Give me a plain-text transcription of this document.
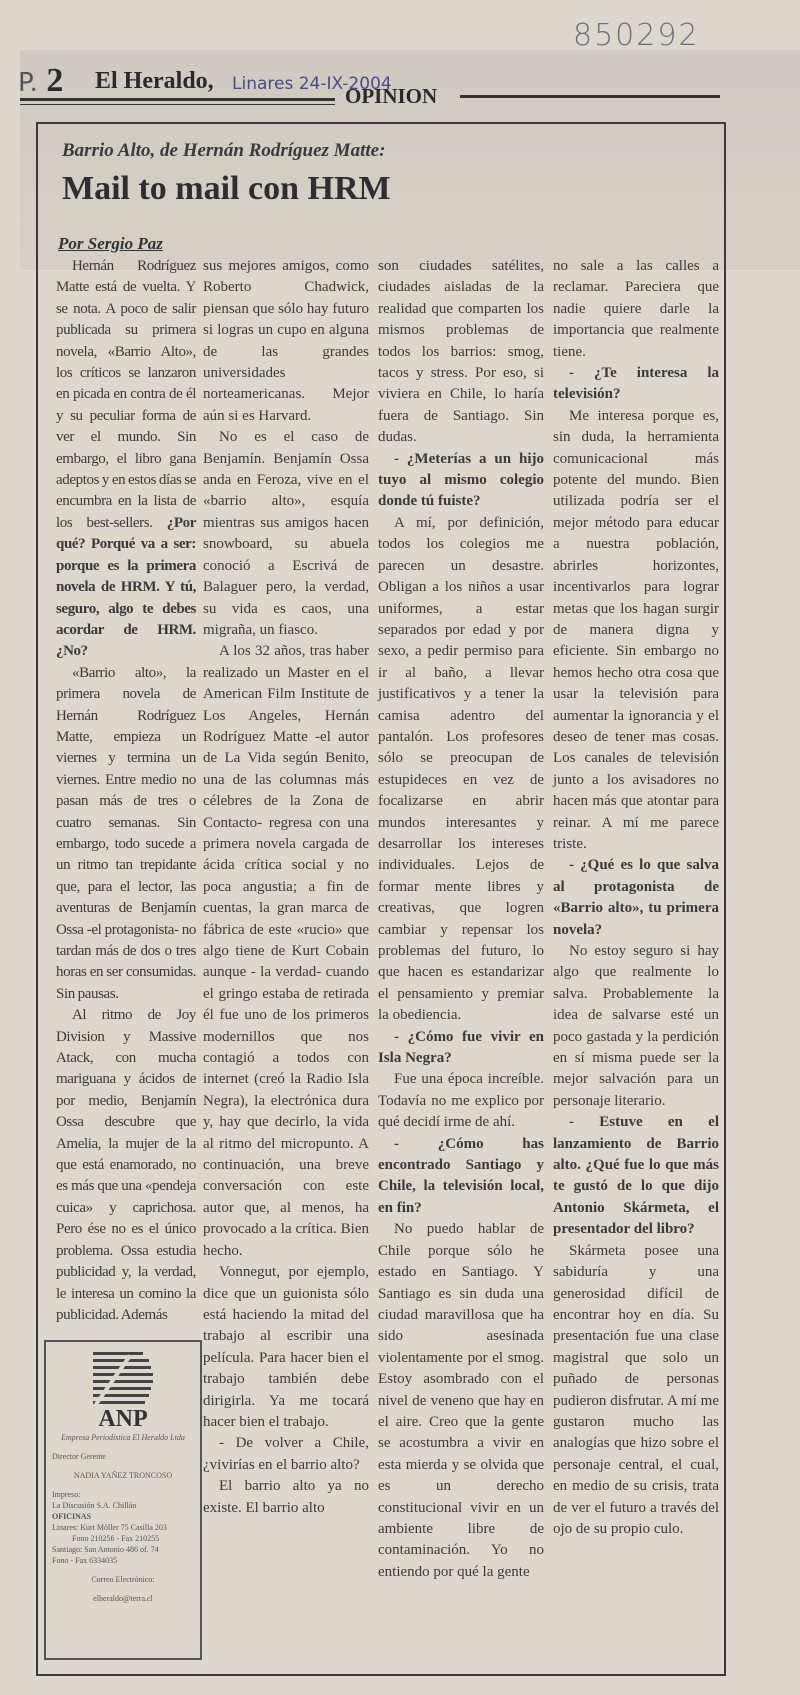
850292
P. 2 El Heraldo, Linares 24-IX-2004
OPINION
Barrio Alto, de Hernán Rodríguez Matte:
Mail to mail con HRM
Por Sergio Paz

Hernán Rodríguez Matte está de vuelta. Y se nota. A poco de salir publicada su primera novela, «Barrio Alto», los críticos se lanzaron en picada en contra de él y su peculiar forma de ver el mundo. Sin embargo, el libro gana adeptos y en estos días se encumbra en la lista de los best-sellers. ¿Por qué? Porqué va a ser: porque es la primera novela de HRM. Y tú, seguro, algo te debes acordar de HRM. ¿No?

«Barrio alto», la primera novela de Hernán Rodríguez Matte, empieza un viernes y termina un viernes. Entre medio no pasan más de tres o cuatro semanas. Sin embargo, todo sucede a un ritmo tan trepidante que, para el lector, las aventuras de Benjamín Ossa -el protagonista- no tardan más de dos o tres horas en ser consumidas. Sin pausas.

Al ritmo de Joy Division y Massive Atack, con mucha mariguana y ácidos de por medio, Benjamín Ossa descubre que Amelia, la mujer de la que está enamorado, no es más que una «pendeja cuica» y caprichosa. Pero ése no es el único problema. Ossa estudia publicidad y, la verdad, le interesa un comino la publicidad. Además

ANP
Empresa Periodística El Heraldo Ltda
Director Gerente
NADIA YAÑEZ TRONCOSO
Impreso:
La Discusión S.A. Chillán
OFICINAS
Linares: Kurt Möller 75 Casilla 203
Fono 210256 - Fax 210255
Santiago: San Antonio 486 of. 74
Fono - Fax 6334035
Correo Electrónico:
elheraldo@terra.cl

sus mejores amigos, como Roberto Chadwick, piensan que sólo hay futuro si logras un cupo en alguna de las grandes universidades norteamericanas. Mejor aún si es Harvard.

No es el caso de Benjamín. Benjamín Ossa anda en Feroza, vive en el «barrio alto», esquía mientras sus amigos hacen snowboard, su abuela conoció a Escrivá de Balaguer pero, la verdad, su vida es caos, una migraña, un fiasco.

A los 32 años, tras haber realizado un Master en el American Film Institute de Los Angeles, Hernán Rodríguez Matte -el autor de La Vida según Benito, una de las columnas más célebres de la Zona de Contacto- regresa con una primera novela cargada de ácida crítica social y no poca angustia; a fin de cuentas, la gran marca de fábrica de este «rucio» que algo tiene de Kurt Cobain aunque - la verdad- cuando el gringo estaba de retirada él fue uno de los primeros modernillos que nos contagió a todos con internet (creó la Radio Isla Negra), la electrónica dura y, hay que decirlo, la vida al ritmo del micropunto. A continuación, una breve conversación con este autor que, al menos, ha provocado a la crítica. Bien hecho.

Vonnegut, por ejemplo, dice que un guionista sólo está haciendo la mitad del trabajo al escribir una película. Para hacer bien el trabajo también debe dirigirla. Ya me tocará hacer bien el trabajo.

- De volver a Chile, ¿vivirías en el barrio alto?

El barrio alto ya no existe. El barrio alto

son ciudades satélites, ciudades aisladas de la realidad que comparten los mismos problemas de todos los barrios: smog, tacos y stress. Por eso, si viviera en Chile, lo haría fuera de Santiago. Sin dudas.

- ¿Meterías a un hijo tuyo al mismo colegio donde tú fuiste?

A mí, por definición, todos los colegios me parecen un desastre. Obligan a los niños a usar uniformes, a estar separados por edad y por sexo, a pedir permiso para ir al baño, a llevar justificativos y a tener la camisa adentro del pantalón. Los profesores sólo se preocupan de estupideces en vez de focalizarse en abrir mundos interesantes y desarrollar los intereses individuales. Lejos de formar mente libres y creativas, que logren cambiar y repensar los problemas del futuro, lo que hacen es estandarizar el pensamiento y premiar la obediencia.

- ¿Cómo fue vivir en Isla Negra?

Fue una época increíble. Todavía no me explico por qué decidí irme de ahí.

- ¿Cómo has encontrado Santiago y Chile, la televisión local, en fin?

No puedo hablar de Chile porque sólo he estado en Santiago. Y Santiago es sin duda una ciudad maravillosa que ha sido asesinada violentamente por el smog. Estoy asombrado con el nivel de veneno que hay en el aire. Creo que la gente se acostumbra a vivir en esta mierda y se olvida que es un derecho constitucional vivir en un ambiente libre de contaminación. Yo no entiendo por qué la gente

no sale a las calles a reclamar. Pareciera que nadie quiere darle la importancia que realmente tiene.

- ¿Te interesa la televisión?

Me interesa porque es, sin duda, la herramienta comunicacional más potente del mundo. Bien utilizada podría ser el mejor método para educar a nuestra población, abrirles horizontes, incentivarlos para lograr metas que los hagan surgir de manera digna y eficiente. Sin embargo no hemos hecho otra cosa que usar la televisión para aumentar la ignorancia y el deseo de tener mas cosas. Los canales de televisión junto a los avisadores no hacen más que atontar para reinar. A mí me parece triste.

- ¿Qué es lo que salva al protagonista de «Barrio alto», tu primera novela?

No estoy seguro si hay algo que realmente lo salva. Probablemente la idea de salvarse esté un poco gastada y la perdición en sí misma puede ser la mejor salvación para un personaje literario.

- Estuve en el lanzamiento de Barrio alto. ¿Qué fue lo que más te gustó de lo que dijo Antonio Skármeta, el presentador del libro?

Skármeta posee una sabiduría y una generosidad difícil de encontrar hoy en día. Su presentación fue una clase magistral que solo un puñado de personas pudieron disfrutar. A mí me gustaron mucho las analogías que hizo sobre el personaje central, el cual, en medio de su crisis, trata de ver el futuro a través del ojo de su propio culo.
